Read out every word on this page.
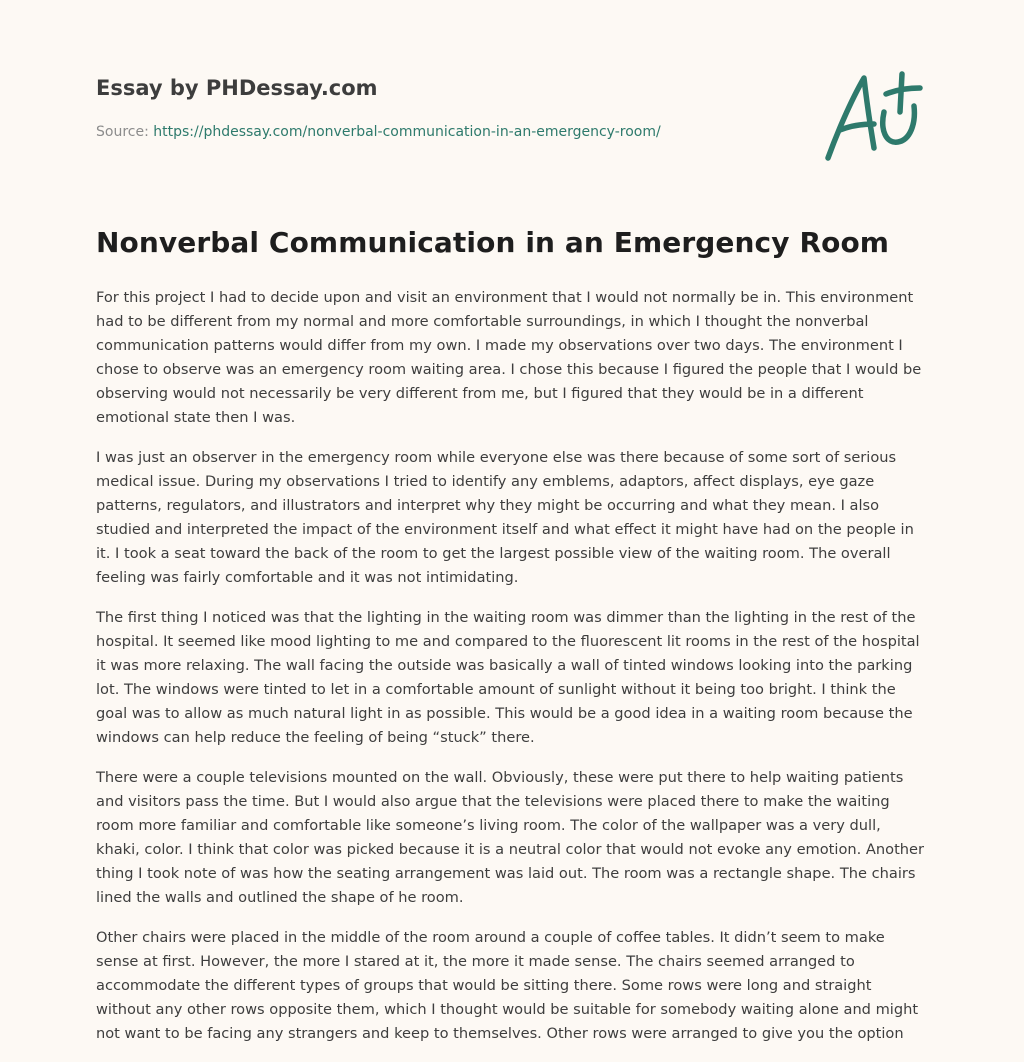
Essay by PHDessay.com
Source: https://phdessay.com/nonverbal-communication-in-an-emergency-room/
Nonverbal Communication in an Emergency Room

For this project I had to decide upon and visit an environment that I would not normally be in. This environment had to be different from my normal and more comfortable surroundings, in which I thought the nonverbal communication patterns would differ from my own. I made my observations over two days. The environment I chose to observe was an emergency room waiting area. I chose this because I figured the people that I would be observing would not necessarily be very different from me, but I figured that they would be in a different emotional state then I was.

I was just an observer in the emergency room while everyone else was there because of some sort of serious medical issue. During my observations I tried to identify any emblems, adaptors, affect displays, eye gaze patterns, regulators, and illustrators and interpret why they might be occurring and what they mean. I also studied and interpreted the impact of the environment itself and what effect it might have had on the people in it. I took a seat toward the back of the room to get the largest possible view of the waiting room. The overall feeling was fairly comfortable and it was not intimidating.

The first thing I noticed was that the lighting in the waiting room was dimmer than the lighting in the rest of the hospital. It seemed like mood lighting to me and compared to the fluorescent lit rooms in the rest of the hospital it was more relaxing. The wall facing the outside was basically a wall of tinted windows looking into the parking lot. The windows were tinted to let in a comfortable amount of sunlight without it being too bright. I think the goal was to allow as much natural light in as possible. This would be a good idea in a waiting room because the windows can help reduce the feeling of being “stuck” there.

There were a couple televisions mounted on the wall. Obviously, these were put there to help waiting patients and visitors pass the time. But I would also argue that the televisions were placed there to make the waiting room more familiar and comfortable like someone’s living room. The color of the wallpaper was a very dull, khaki, color. I think that color was picked because it is a neutral color that would not evoke any emotion. Another thing I took note of was how the seating arrangement was laid out. The room was a rectangle shape. The chairs lined the walls and outlined the shape of he room.

Other chairs were placed in the middle of the room around a couple of coffee tables. It didn’t seem to make sense at first. However, the more I stared at it, the more it made sense. The chairs seemed arranged to accommodate the different types of groups that would be sitting there. Some rows were long and straight without any other rows opposite them, which I thought would be suitable for somebody waiting alone and might not want to be facing any strangers and keep to themselves. Other rows were arranged to give you the option
